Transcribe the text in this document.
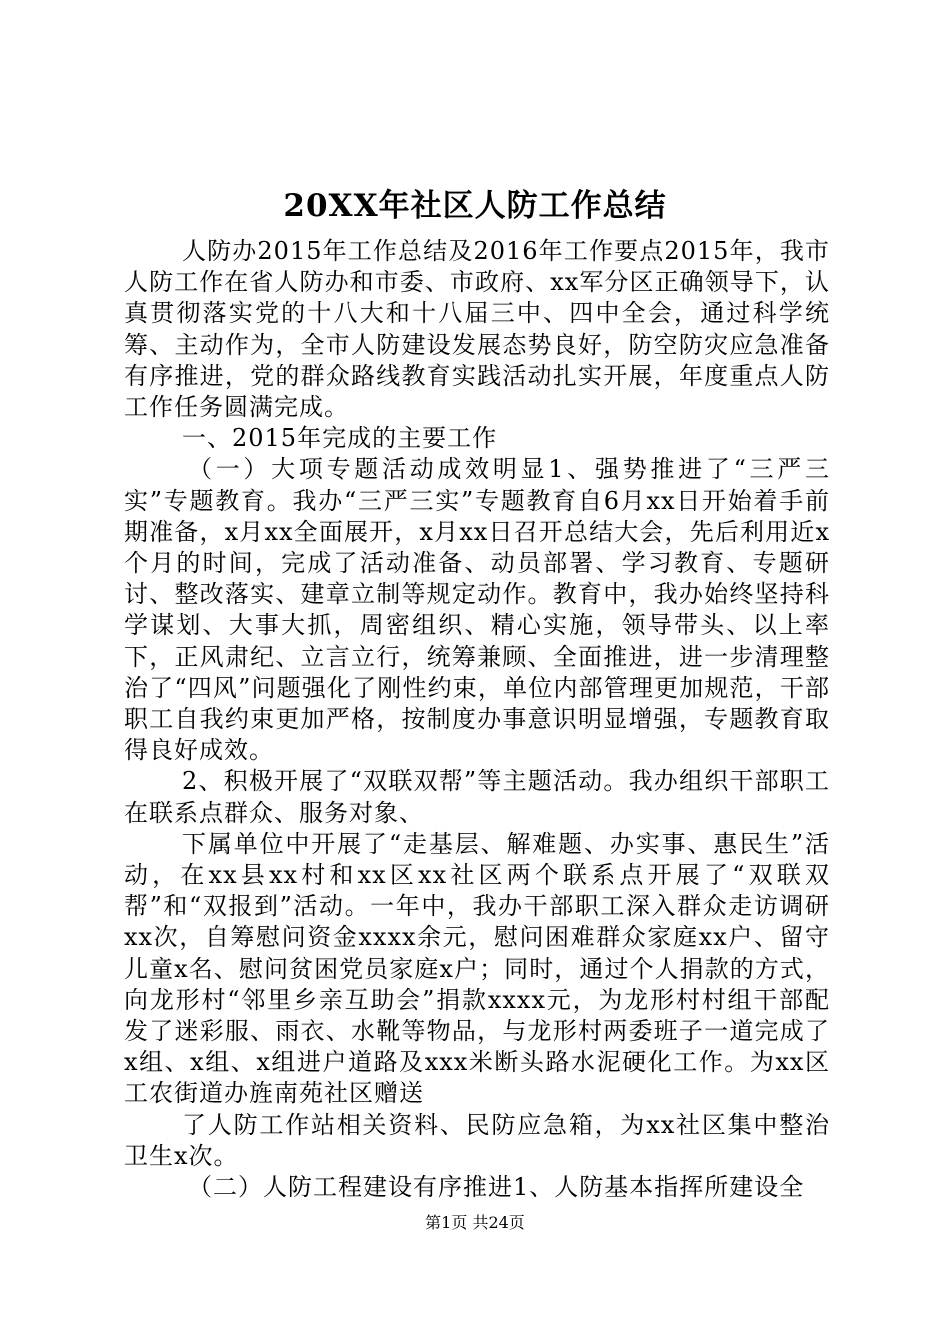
20XX年社区人防工作总结

人防办2015年工作总结及2016年工作要点2015年，我市人防工作在省人防办和市委、市政府、xx军分区正确领导下，认真贯彻落实党的十八大和十八届三中、四中全会，通过科学统筹、主动作为，全市人防建设发展态势良好，防空防灾应急准备有序推进，党的群众路线教育实践活动扎实开展，年度重点人防工作任务圆满完成。

一、2015年完成的主要工作

（一）大项专题活动成效明显1、强势推进了“三严三实”专题教育。我办“三严三实”专题教育自6月xx日开始着手前期准备，x月xx全面展开，x月xx日召开总结大会，先后利用近x个月的时间，完成了活动准备、动员部署、学习教育、专题研讨、整改落实、建章立制等规定动作。教育中，我办始终坚持科学谋划、大事大抓，周密组织、精心实施，领导带头、以上率下，正风肃纪、立言立行，统筹兼顾、全面推进，进一步清理整治了“四风”问题强化了刚性约束，单位内部管理更加规范，干部职工自我约束更加严格，按制度办事意识明显增强，专题教育取得良好成效。

2、积极开展了“双联双帮”等主题活动。我办组织干部职工在联系点群众、服务对象、

下属单位中开展了“走基层、解难题、办实事、惠民生”活动，在xx县xx村和xx区xx社区两个联系点开展了“双联双帮”和“双报到”活动。一年中，我办干部职工深入群众走访调研xx次，自筹慰问资金xxxx余元，慰问困难群众家庭xx户、留守儿童x名、慰问贫困党员家庭x户；同时，通过个人捐款的方式，向龙形村“邻里乡亲互助会”捐款xxxx元，为龙形村村组干部配发了迷彩服、雨衣、水靴等物品，与龙形村两委班子一道完成了x组、x组、x组进户道路及xxx米断头路水泥硬化工作。为xx区工农街道办旌南苑社区赠送

了人防工作站相关资料、民防应急箱，为xx社区集中整治卫生x次。

（二）人防工程建设有序推进1、人防基本指挥所建设全

第1页 共24页
